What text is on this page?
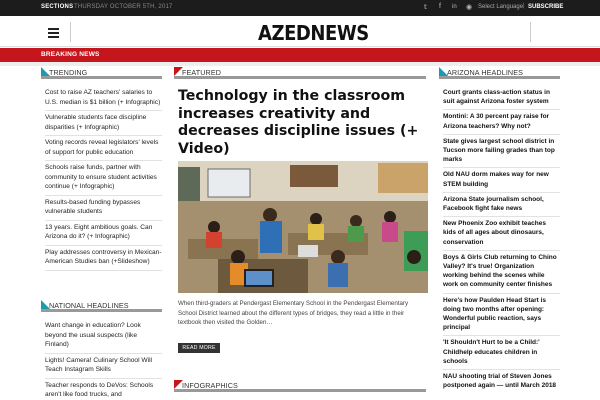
SECTIONS THURSDAY OCTOBER 5TH, 2017	𝕥 f in ◉ Select Language | SUBSCRIBE
AZEDNEWS
BREAKING NEWS
TRENDING
Cost to raise AZ teachers' salaries to U.S. median is $1 billion (+ Infographic)
Vulnerable students face discipline disparities (+ Infographic)
Voting records reveal legislators' levels of support for public education
Schools raise funds, partner with community to ensure student activities continue (+ Infographic)
Results-based funding bypasses vulnerable students
13 years. Eight ambitious goals. Can Arizona do it? (+ Infographic)
Play addresses controversy in Mexican-American Studies ban (+Slideshow)
NATIONAL HEADLINES
Want change in education? Look beyond the usual suspects (like Finland)
Lights! Camera! Culinary School Will Teach Instagram Skills
Teacher responds to DeVos: Schools aren't like food trucks, and
FEATURED
Technology in the classroom increases creativity and decreases discipline issues (+ Video)
When third-graders at Pendergast Elementary School in the Pendergast Elementary School District learned about the different types of bridges, they read a little in their textbook then visited the Golden…
READ MORE
INFOGRAPHICS
ARIZONA HEADLINES
Court grants class-action status in suit against Arizona foster system
Montini: A 30 percent pay raise for Arizona teachers? Why not?
State gives largest school district in Tucson more failing grades than top marks
Old NAU dorm makes way for new STEM building
Arizona State journalism school, Facebook fight fake news
New Phoenix Zoo exhibit teaches kids of all ages about dinosaurs, conservation
Boys & Girls Club returning to Chino Valley? It's true! Organization working behind the scenes while work on community center finishes
Here's how Paulden Head Start is doing two months after opening: Wonderful public reaction, says principal
'It Shouldn't Hurt to be a Child:' Childhelp educates children in schools
NAU shooting trial of Steven Jones postponed again — until March 2018
